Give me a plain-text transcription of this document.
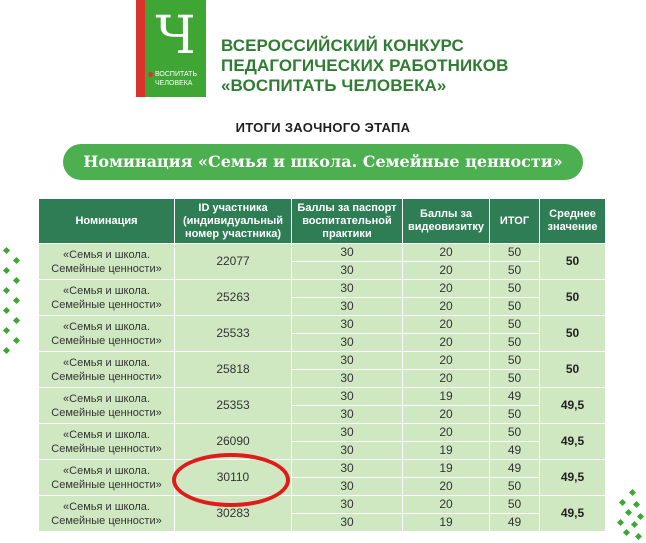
Ч
ВОСПИТАТЬ
ЧЕЛОВЕКА
ВСЕРОССИЙСКИЙ КОНКУРС
ПЕДАГОГИЧЕСКИХ РАБОТНИКОВ
«ВОСПИТАТЬ ЧЕЛОВЕКА»
ИТОГИ ЗАОЧНОГО ЭТАПА
Номинация «Семья и школа. Семейные ценности»
Номинация	ID участника (индивидуальный номер участника)	Баллы за паспорт воспитательной практики	Баллы за видеовизитку	ИТОГ	Среднее значение
«Семья и школа. Семейные ценности»	22077	30	20	50	50
		30	20	50	
«Семья и школа. Семейные ценности»	25263	30	20	50	50
		30	20	50	
«Семья и школа. Семейные ценности»	25533	30	20	50	50
		30	20	50	
«Семья и школа. Семейные ценности»	25818	30	20	50	50
		30	20	50	
«Семья и школа. Семейные ценности»	25353	30	19	49	49,5
		30	20	50	
«Семья и школа. Семейные ценности»	26090	30	20	50	49,5
		30	19	49	
«Семья и школа. Семейные ценности»	30110	30	19	49	49,5
		30	20	50	
«Семья и школа. Семейные ценности»	30283	30	20	50	49,5
		30	19	49	
